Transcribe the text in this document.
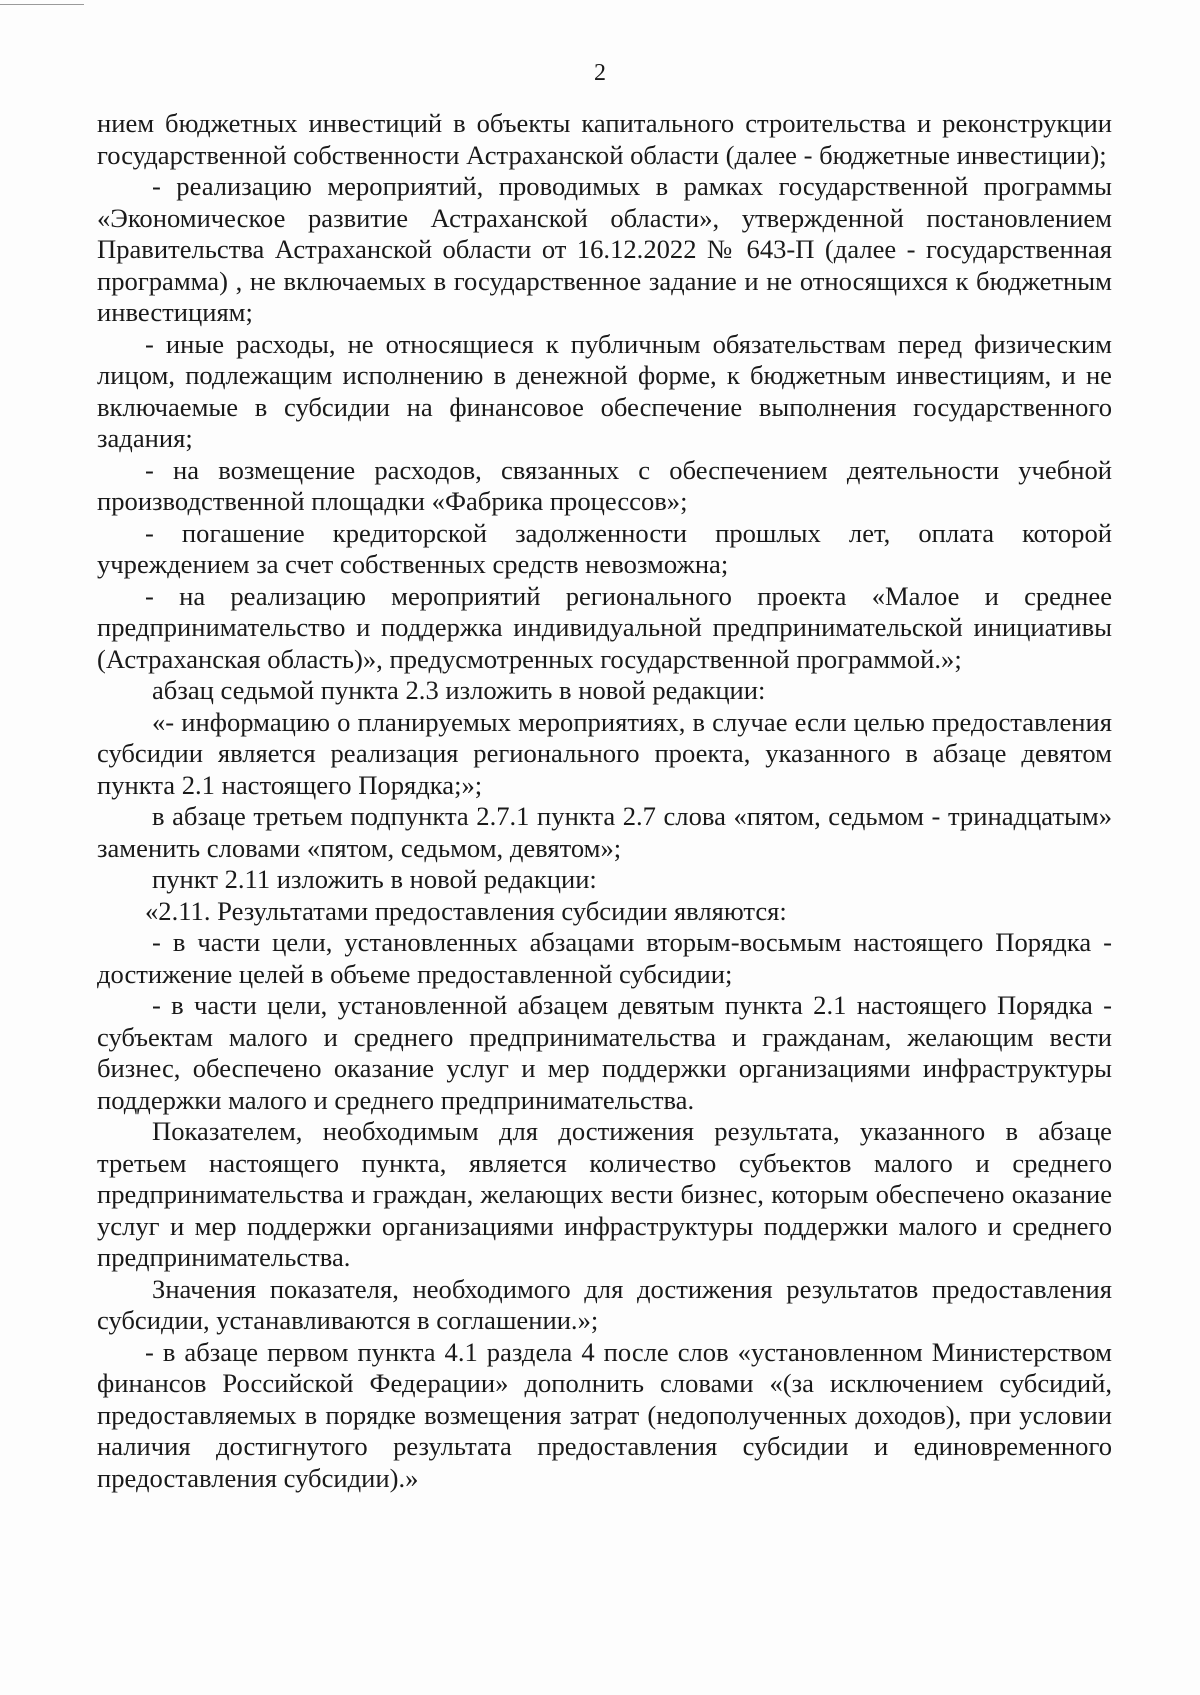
2

нием бюджетных инвестиций в объекты капитального строительства и реконструкции государственной собственности Астраханской области (далее - бюджетные инвестиции);

- реализацию мероприятий, проводимых в рамках государственной программы «Экономическое развитие Астраханской области», утвержденной постановлением Правительства Астраханской области от 16.12.2022 № 643-П (далее - государственная программа) , не включаемых в государственное задание и не относящихся к бюджетным инвестициям;

- иные расходы, не относящиеся к публичным обязательствам перед физическим лицом, подлежащим исполнению в денежной форме, к бюджетным инвестициям, и не включаемые в субсидии на финансовое обеспечение выполнения государственного задания;

- на возмещение расходов, связанных с обеспечением деятельности учебной производственной площадки «Фабрика процессов»;

- погашение кредиторской задолженности прошлых лет, оплата которой учреждением за счет собственных средств невозможна;

- на реализацию мероприятий регионального проекта «Малое и среднее предпринимательство и поддержка индивидуальной предпринимательской инициативы (Астраханская область)», предусмотренных государственной программой.»;

абзац седьмой пункта 2.3 изложить в новой редакции:

«- информацию о планируемых мероприятиях, в случае если целью предоставления субсидии является реализация регионального проекта, указанного в абзаце девятом пункта 2.1 настоящего Порядка;»;

в абзаце третьем подпункта 2.7.1 пункта 2.7 слова «пятом, седьмом - тринадцатым» заменить словами «пятом, седьмом, девятом»;

пункт 2.11 изложить в новой редакции:

«2.11. Результатами предоставления субсидии являются:

- в части цели, установленных абзацами вторым-восьмым настоящего Порядка - достижение целей в объеме предоставленной субсидии;

- в части цели, установленной абзацем девятым пункта 2.1 настоящего Порядка - субъектам малого и среднего предпринимательства и гражданам, желающим вести бизнес, обеспечено оказание услуг и мер поддержки организациями инфраструктуры поддержки малого и среднего предпринимательства.

Показателем, необходимым для достижения результата, указанного в абзаце третьем настоящего пункта, является количество субъектов малого и среднего предпринимательства и граждан, желающих вести бизнес, которым обеспечено оказание услуг и мер поддержки организациями инфраструктуры поддержки малого и среднего предпринимательства.

Значения показателя, необходимого для достижения результатов предоставления субсидии, устанавливаются в соглашении.»;

- в абзаце первом пункта 4.1 раздела 4 после слов «установленном Министерством финансов Российской Федерации» дополнить словами «(за исключением субсидий, предоставляемых в порядке возмещения затрат (недополученных доходов), при условии наличия достигнутого результата предоставления субсидии и единовременного предоставления субсидии).»
